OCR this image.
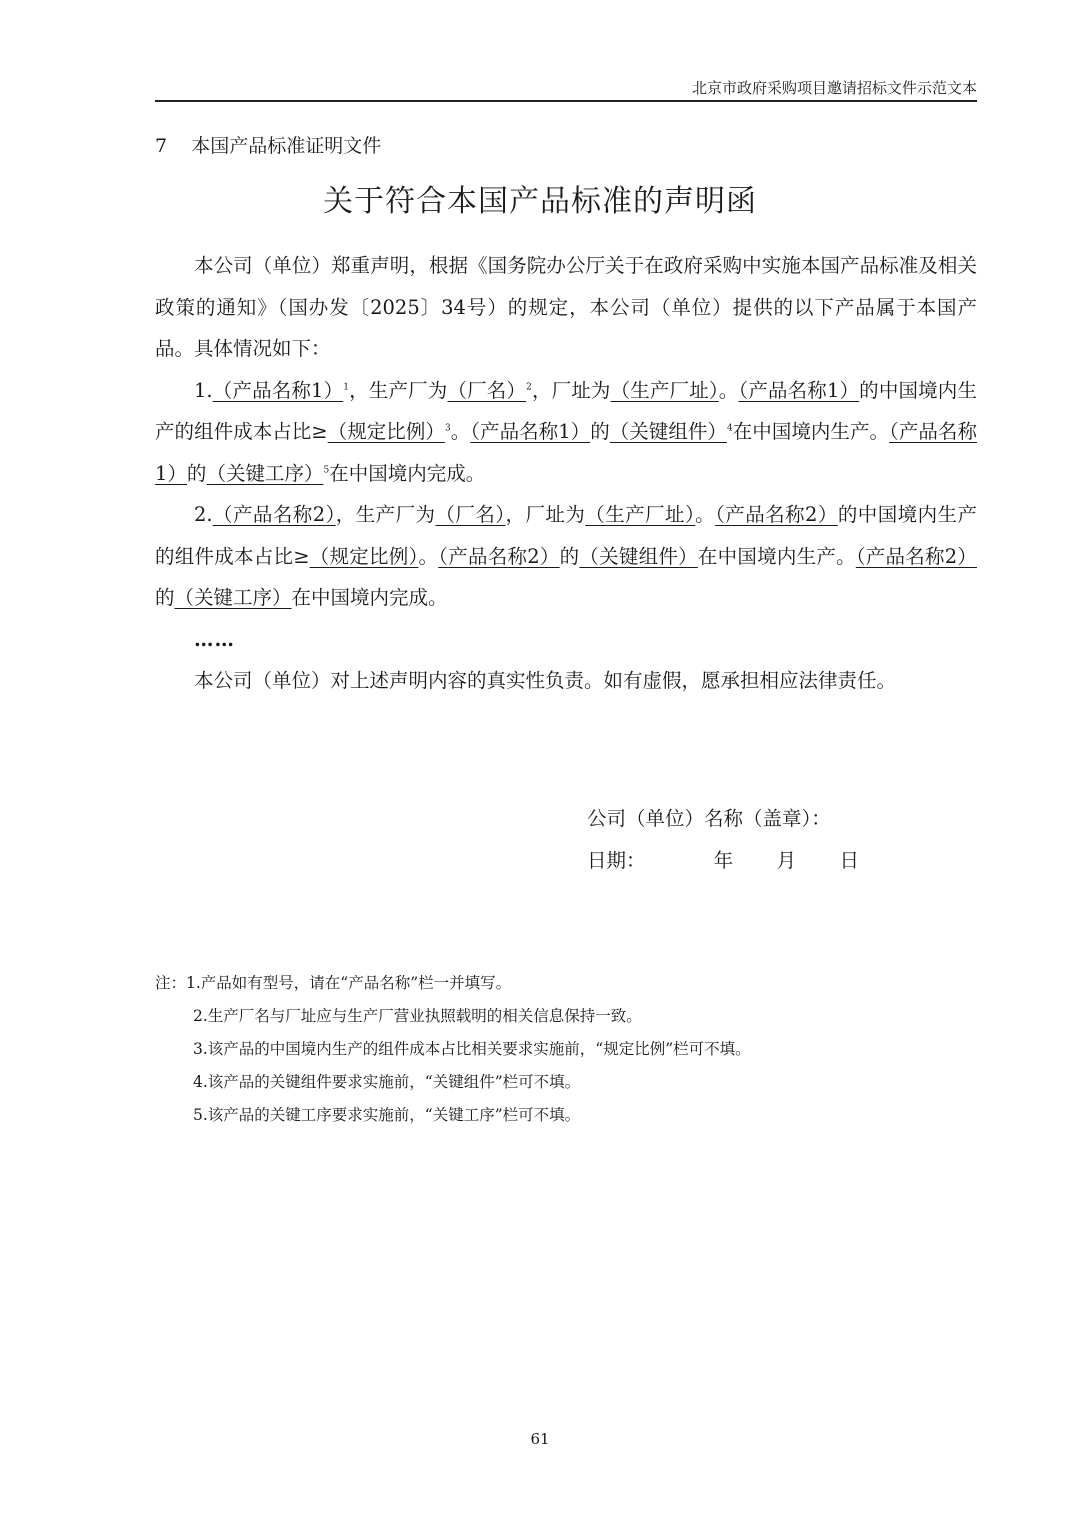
北京市政府采购项目邀请招标文件示范文本
7    本国产品标准证明文件
关于符合本国产品标准的声明函

本公司（单位）郑重声明，根据《国务院办公厅关于在政府采购中实施本国产品标准及相关政策的通知》（国办发〔2025〕34号）的规定，本公司（单位）提供的以下产品属于本国产品。具体情况如下：

1.（产品名称1）$^1$，生产厂为（厂名）$^2$，厂址为（生产厂址）。（产品名称1）的中国境内生产的组件成本占比≥（规定比例）$^3$。（产品名称1）的（关键组件）$^4$在中国境内生产。（产品名称1）的（关键工序）$^5$在中国境内完成。

2.（产品名称2），生产厂为（厂名），厂址为（生产厂址）。（产品名称2）的中国境内生产的组件成本占比≥（规定比例）。（产品名称2）的（关键组件）在中国境内生产。（产品名称2）的（关键工序）在中国境内完成。

……

本公司（单位）对上述声明内容的真实性负责。如有虚假，愿承担相应法律责任。

公司（单位）名称（盖章）：
日期：           年       月       日
注：1.产品如有型号，请在“产品名称”栏一并填写。
2.生产厂名与厂址应与生产厂营业执照载明的相关信息保持一致。
3.该产品的中国境内生产的组件成本占比相关要求实施前，“规定比例”栏可不填。
4.该产品的关键组件要求实施前，“关键组件”栏可不填。
5.该产品的关键工序要求实施前，“关键工序”栏可不填。
61
